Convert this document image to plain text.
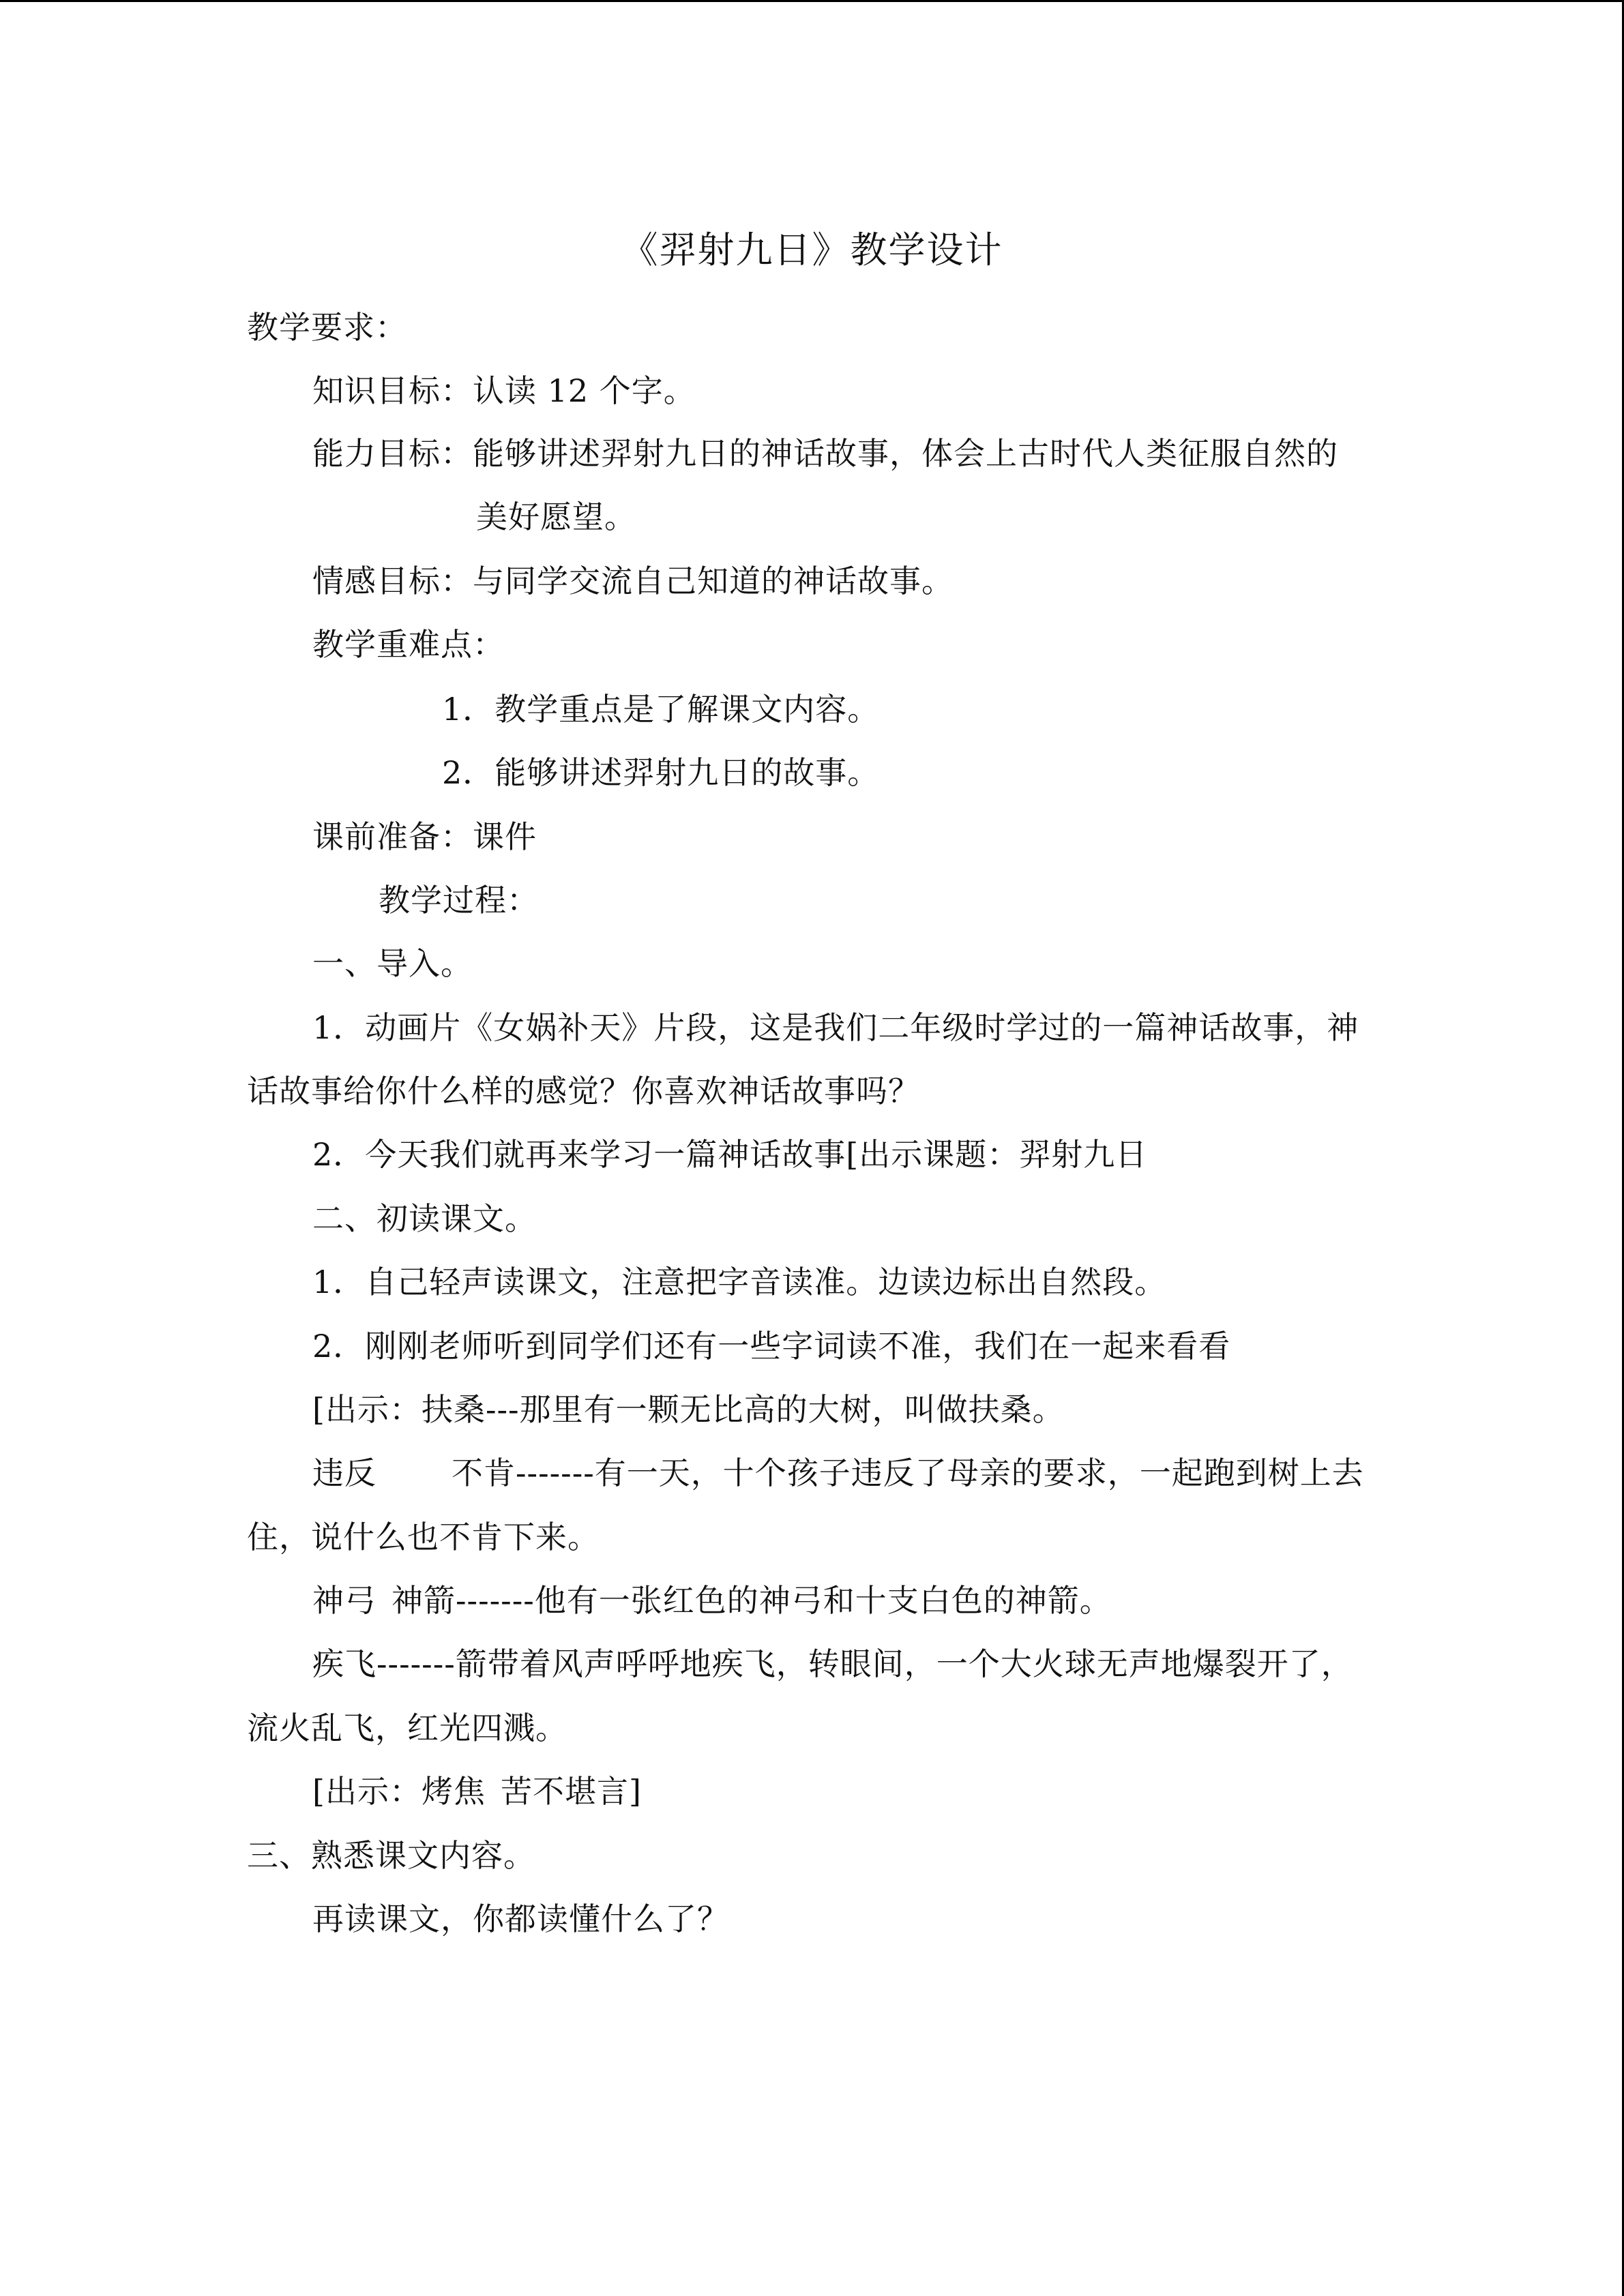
《羿射九日》教学设计
教学要求：
知识目标：认读 12 个字。
能力目标：能够讲述羿射九日的神话故事，体会上古时代人类征服自然的
美好愿望。
情感目标：与同学交流自己知道的神话故事。
教学重难点：
1．教学重点是了解课文内容。
2．能够讲述羿射九日的故事。
课前准备：课件
教学过程：
一、导入。
1．动画片《女娲补天》片段，这是我们二年级时学过的一篇神话故事，神
话故事给你什么样的感觉？你喜欢神话故事吗？
2．今天我们就再来学习一篇神话故事[出示课题：羿射九日
二、初读课文。
1．自己轻声读课文，注意把字音读准。边读边标出自然段。
2．刚刚老师听到同学们还有一些字词读不准，我们在一起来看看
[出示：扶桑---那里有一颗无比高的大树，叫做扶桑。
违反 不肯-------有一天，十个孩子违反了母亲的要求，一起跑到树上去
住，说什么也不肯下来。
神弓 神箭-------他有一张红色的神弓和十支白色的神箭。
疾飞-------箭带着风声呼呼地疾飞，转眼间，一个大火球无声地爆裂开了，
流火乱飞，红光四溅。
[出示：烤焦 苦不堪言]
三、熟悉课文内容。
再读课文，你都读懂什么了？
